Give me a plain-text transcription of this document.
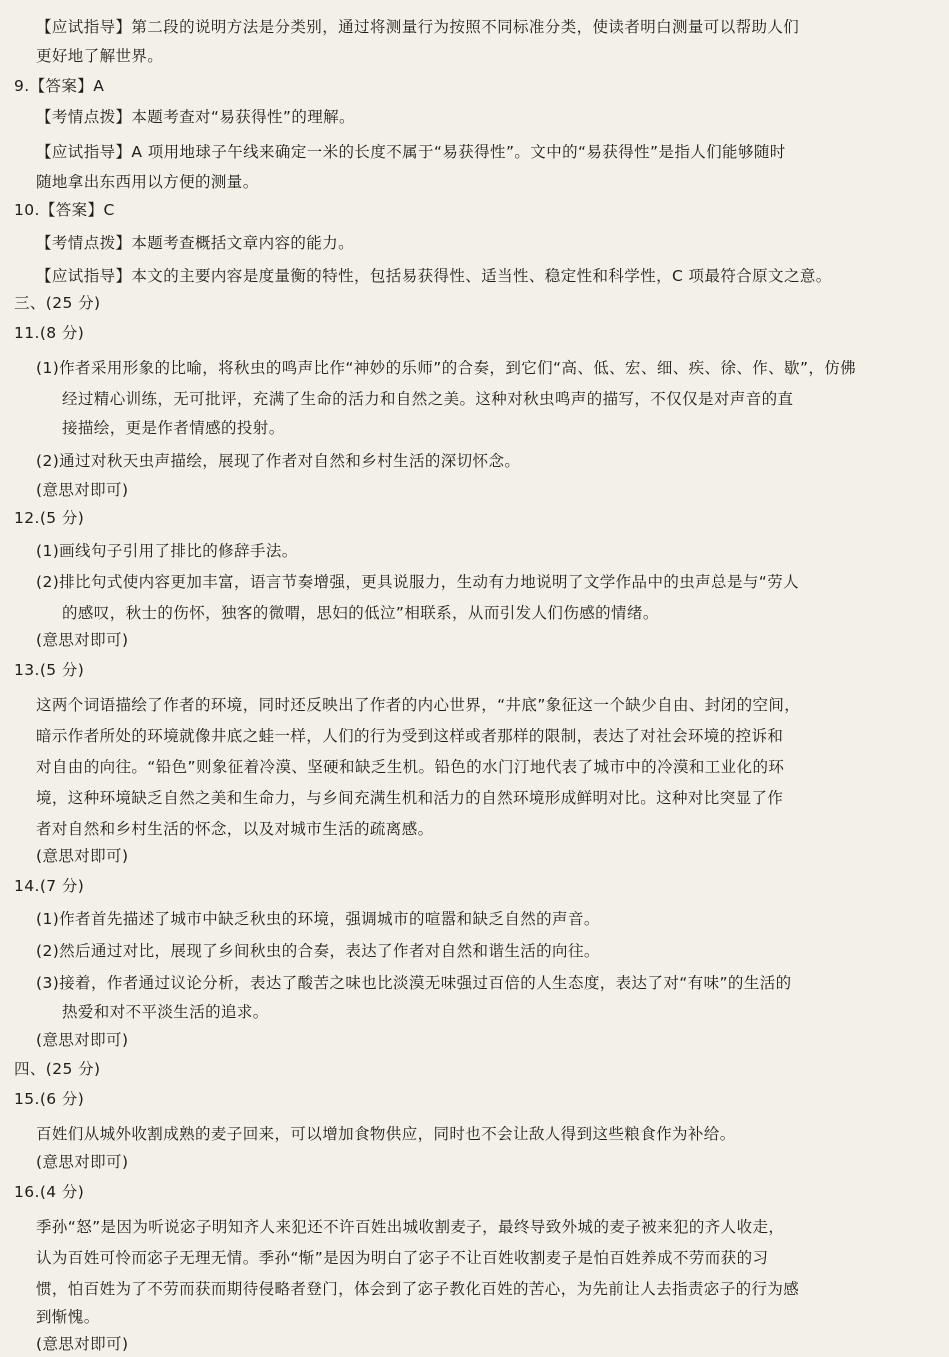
【应试指导】第二段的说明方法是分类别，通过将测量行为按照不同标准分类，使读者明白测量可以帮助人们
更好地了解世界。
9.【答案】A
【考情点拨】本题考查对“易获得性”的理解。
【应试指导】A 项用地球子午线来确定一米的长度不属于“易获得性”。文中的“易获得性”是指人们能够随时
随地拿出东西用以方便的测量。
10.【答案】C
【考情点拨】本题考查概括文章内容的能力。
【应试指导】本文的主要内容是度量衡的特性，包括易获得性、适当性、稳定性和科学性，C 项最符合原文之意。
三、(25 分)
11.(8 分)
(1)作者采用形象的比喻，将秋虫的鸣声比作“神妙的乐师”的合奏，到它们“高、低、宏、细、疾、徐、作、歇”，仿佛
经过精心训练，无可批评，充满了生命的活力和自然之美。这种对秋虫鸣声的描写，不仅仅是对声音的直
接描绘，更是作者情感的投射。
(2)通过对秋天虫声描绘，展现了作者对自然和乡村生活的深切怀念。
(意思对即可)
12.(5 分)
(1)画线句子引用了排比的修辞手法。
(2)排比句式使内容更加丰富，语言节奏增强，更具说服力，生动有力地说明了文学作品中的虫声总是与“劳人
的感叹，秋士的伤怀，独客的微喟，思妇的低泣”相联系，从而引发人们伤感的情绪。
(意思对即可)
13.(5 分)
这两个词语描绘了作者的环境，同时还反映出了作者的内心世界，“井底”象征这一个缺少自由、封闭的空间，
暗示作者所处的环境就像井底之蛙一样，人们的行为受到这样或者那样的限制，表达了对社会环境的控诉和
对自由的向往。“铅色”则象征着冷漠、坚硬和缺乏生机。铅色的水门汀地代表了城市中的冷漠和工业化的环
境，这种环境缺乏自然之美和生命力，与乡间充满生机和活力的自然环境形成鲜明对比。这种对比突显了作
者对自然和乡村生活的怀念，以及对城市生活的疏离感。
(意思对即可)
14.(7 分)
(1)作者首先描述了城市中缺乏秋虫的环境，强调城市的喧嚣和缺乏自然的声音。
(2)然后通过对比，展现了乡间秋虫的合奏，表达了作者对自然和谐生活的向往。
(3)接着，作者通过议论分析，表达了酸苦之味也比淡漠无味强过百倍的人生态度，表达了对“有味”的生活的
热爱和对不平淡生活的追求。
(意思对即可)
四、(25 分)
15.(6 分)
百姓们从城外收割成熟的麦子回来，可以增加食物供应，同时也不会让敌人得到这些粮食作为补给。
(意思对即可)
16.(4 分)
季孙“怒”是因为听说宓子明知齐人来犯还不许百姓出城收割麦子，最终导致外城的麦子被来犯的齐人收走，
认为百姓可怜而宓子无理无情。季孙“惭”是因为明白了宓子不让百姓收割麦子是怕百姓养成不劳而获的习
惯，怕百姓为了不劳而获而期待侵略者登门，体会到了宓子教化百姓的苦心，为先前让人去指责宓子的行为感
到惭愧。
(意思对即可)
